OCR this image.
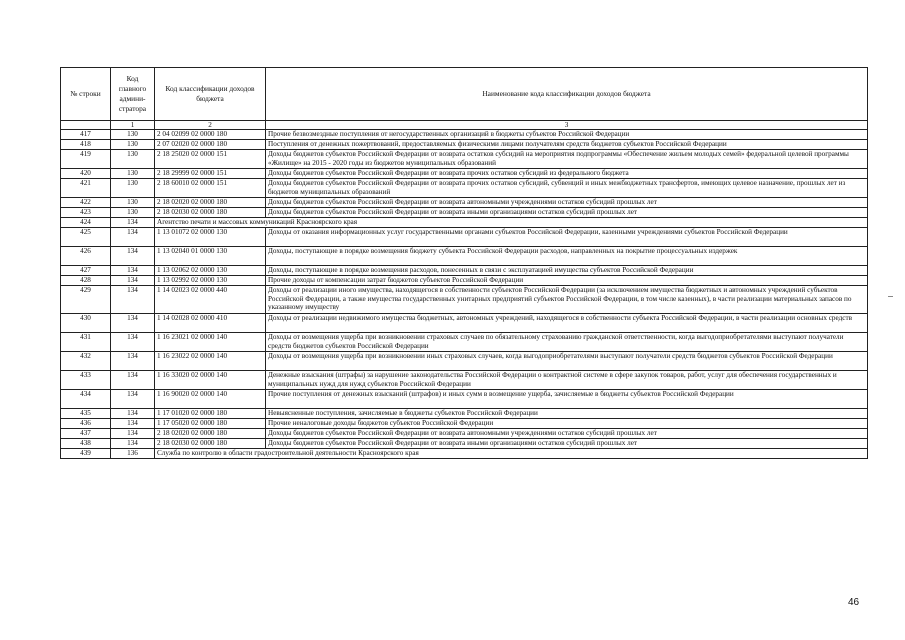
№ строки	Код главного админи-стратора	Код классификации доходов бюджета	Наименование кода классификации доходов бюджета
	1	2	3
417	130	2 04 02099 02 0000 180	Прочие безвозмездные поступления от негосударственных организаций в бюджеты субъектов Российской Федерации
418	130	2 07 02020 02 0000 180	Поступления от денежных пожертвований, предоставляемых физическими лицами получателям средств бюджетов субъектов Российской Федерации
419	130	2 18 25020 02 0000 151	Доходы бюджетов субъектов Российской Федерации от возврата остатков субсидий на мероприятия подпрограммы «Обеспечение жильем молодых семей» федеральной целевой программы «Жилище» на 2015 - 2020 годы из бюджетов муниципальных образований
420	130	2 18 29999 02 0000 151	Доходы бюджетов субъектов Российской Федерации от возврата прочих остатков субсидий из федерального бюджета
421	130	2 18 60010 02 0000 151	Доходы бюджетов субъектов Российской Федерации от возврата прочих остатков субсидий, субвенций и иных межбюджетных трансфертов, имеющих целевое назначение, прошлых лет из бюджетов муниципальных образований
422	130	2 18 02020 02 0000 180	Доходы бюджетов субъектов Российской Федерации от возврата автономными учреждениями остатков субсидий прошлых лет
423	130	2 18 02030 02 0000 180	Доходы бюджетов субъектов Российской Федерации от возврата иными организациями остатков субсидий прошлых лет
424	134	Агентство печати и массовых коммуникаций Красноярского края	
425	134	1 13 01072 02 0000 130	Доходы от оказания информационных услуг государственными органами субъектов Российской Федерации, казенными учреждениями субъектов Российской Федерации
426	134	1 13 02040 01 0000 130	Доходы, поступающие в порядке возмещения бюджету субъекта Российской Федерации расходов, направленных на покрытие процессуальных издержек
427	134	1 13 02062 02 0000 130	Доходы, поступающие в порядке возмещения расходов, понесенных в связи с эксплуатацией имущества субъектов Российской Федерации
428	134	1 13 02992 02 0000 130	Прочие доходы от компенсации затрат бюджетов субъектов Российской Федерации
429	134	1 14 02023 02 0000 440	Доходы от реализации иного имущества, находящегося в собственности субъектов Российской Федерации (за исключением имущества бюджетных и автономных учреждений субъектов Российской Федерации, а также имущества государственных унитарных предприятий субъектов Российской Федерации, в том числе казенных), в части реализации материальных запасов по указанному имуществу
430	134	1 14 02028 02 0000 410	Доходы от реализации недвижимого имущества бюджетных, автономных учреждений, находящегося в собственности субъекта Российской Федерации, в части реализации основных средств
431	134	1 16 23021 02 0000 140	Доходы от возмещения ущерба при возникновении страховых случаев по обязательному страхованию гражданской ответственности, когда выгодоприобретателями выступают получатели средств бюджетов субъектов Российской Федерации
432	134	1 16 23022 02 0000 140	Доходы от возмещения ущерба при возникновении иных страховых случаев, когда выгодоприобретателями выступают получатели средств бюджетов субъектов Российской Федерации
433	134	1 16 33020 02 0000 140	Денежные взыскания (штрафы) за нарушение законодательства Российской Федерации о контрактной системе в сфере закупок товаров, работ, услуг для обеспечения государственных и муниципальных нужд для нужд субъектов Российской Федерации
434	134	1 16 90020 02 0000 140	Прочие поступления от денежных взысканий (штрафов) и иных сумм в возмещение ущерба, зачисляемые в бюджеты субъектов Российской Федерации
435	134	1 17 01020 02 0000 180	Невыясненные поступления, зачисляемые в бюджеты субъектов Российской Федерации
436	134	1 17 05020 02 0000 180	Прочие неналоговые доходы бюджетов субъектов Российской Федерации
437	134	2 18 02020 02 0000 180	Доходы бюджетов субъектов Российской Федерации от возврата автономными учреждениями остатков субсидий прошлых лет
438	134	2 18 02030 02 0000 180	Доходы бюджетов субъектов Российской Федерации от возврата иными организациями остатков субсидий прошлых лет
439	136	Служба по контролю в области градостроительной деятельности Красноярского края	
46
